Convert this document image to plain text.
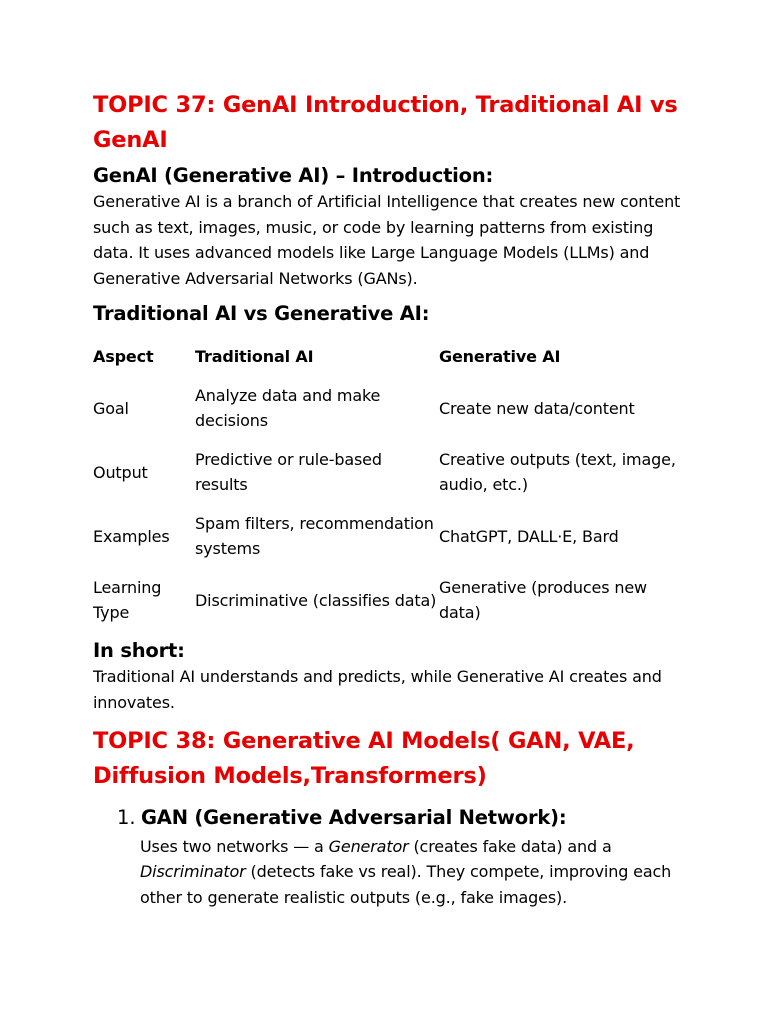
TOPIC 37: GenAI Introduction, Traditional AI vs GenAI
GenAI (Generative AI) – Introduction:

Generative AI is a branch of Artificial Intelligence that creates new content such as text, images, music, or code by learning patterns from existing data. It uses advanced models like Large Language Models (LLMs) and Generative Adversarial Networks (GANs).

Traditional AI vs Generative AI:
Aspect	Traditional AI	Generative AI
Goal	Analyze data and make decisions	Create new data/content
Output	Predictive or rule-based results	Creative outputs (text, image, audio, etc.)
Examples	Spam filters, recommendation systems	ChatGPT, DALL·E, Bard
Learning Type	Discriminative (classifies data)	Generative (produces new data)
In short:

Traditional AI understands and predicts, while Generative AI creates and innovates.

TOPIC 38: Generative AI Models( GAN, VAE, Diffusion Models,Transformers)
1. GAN (Generative Adversarial Network):
Uses two networks — a Generator (creates fake data) and a Discriminator (detects fake vs real). They compete, improving each other to generate realistic outputs (e.g., fake images).
